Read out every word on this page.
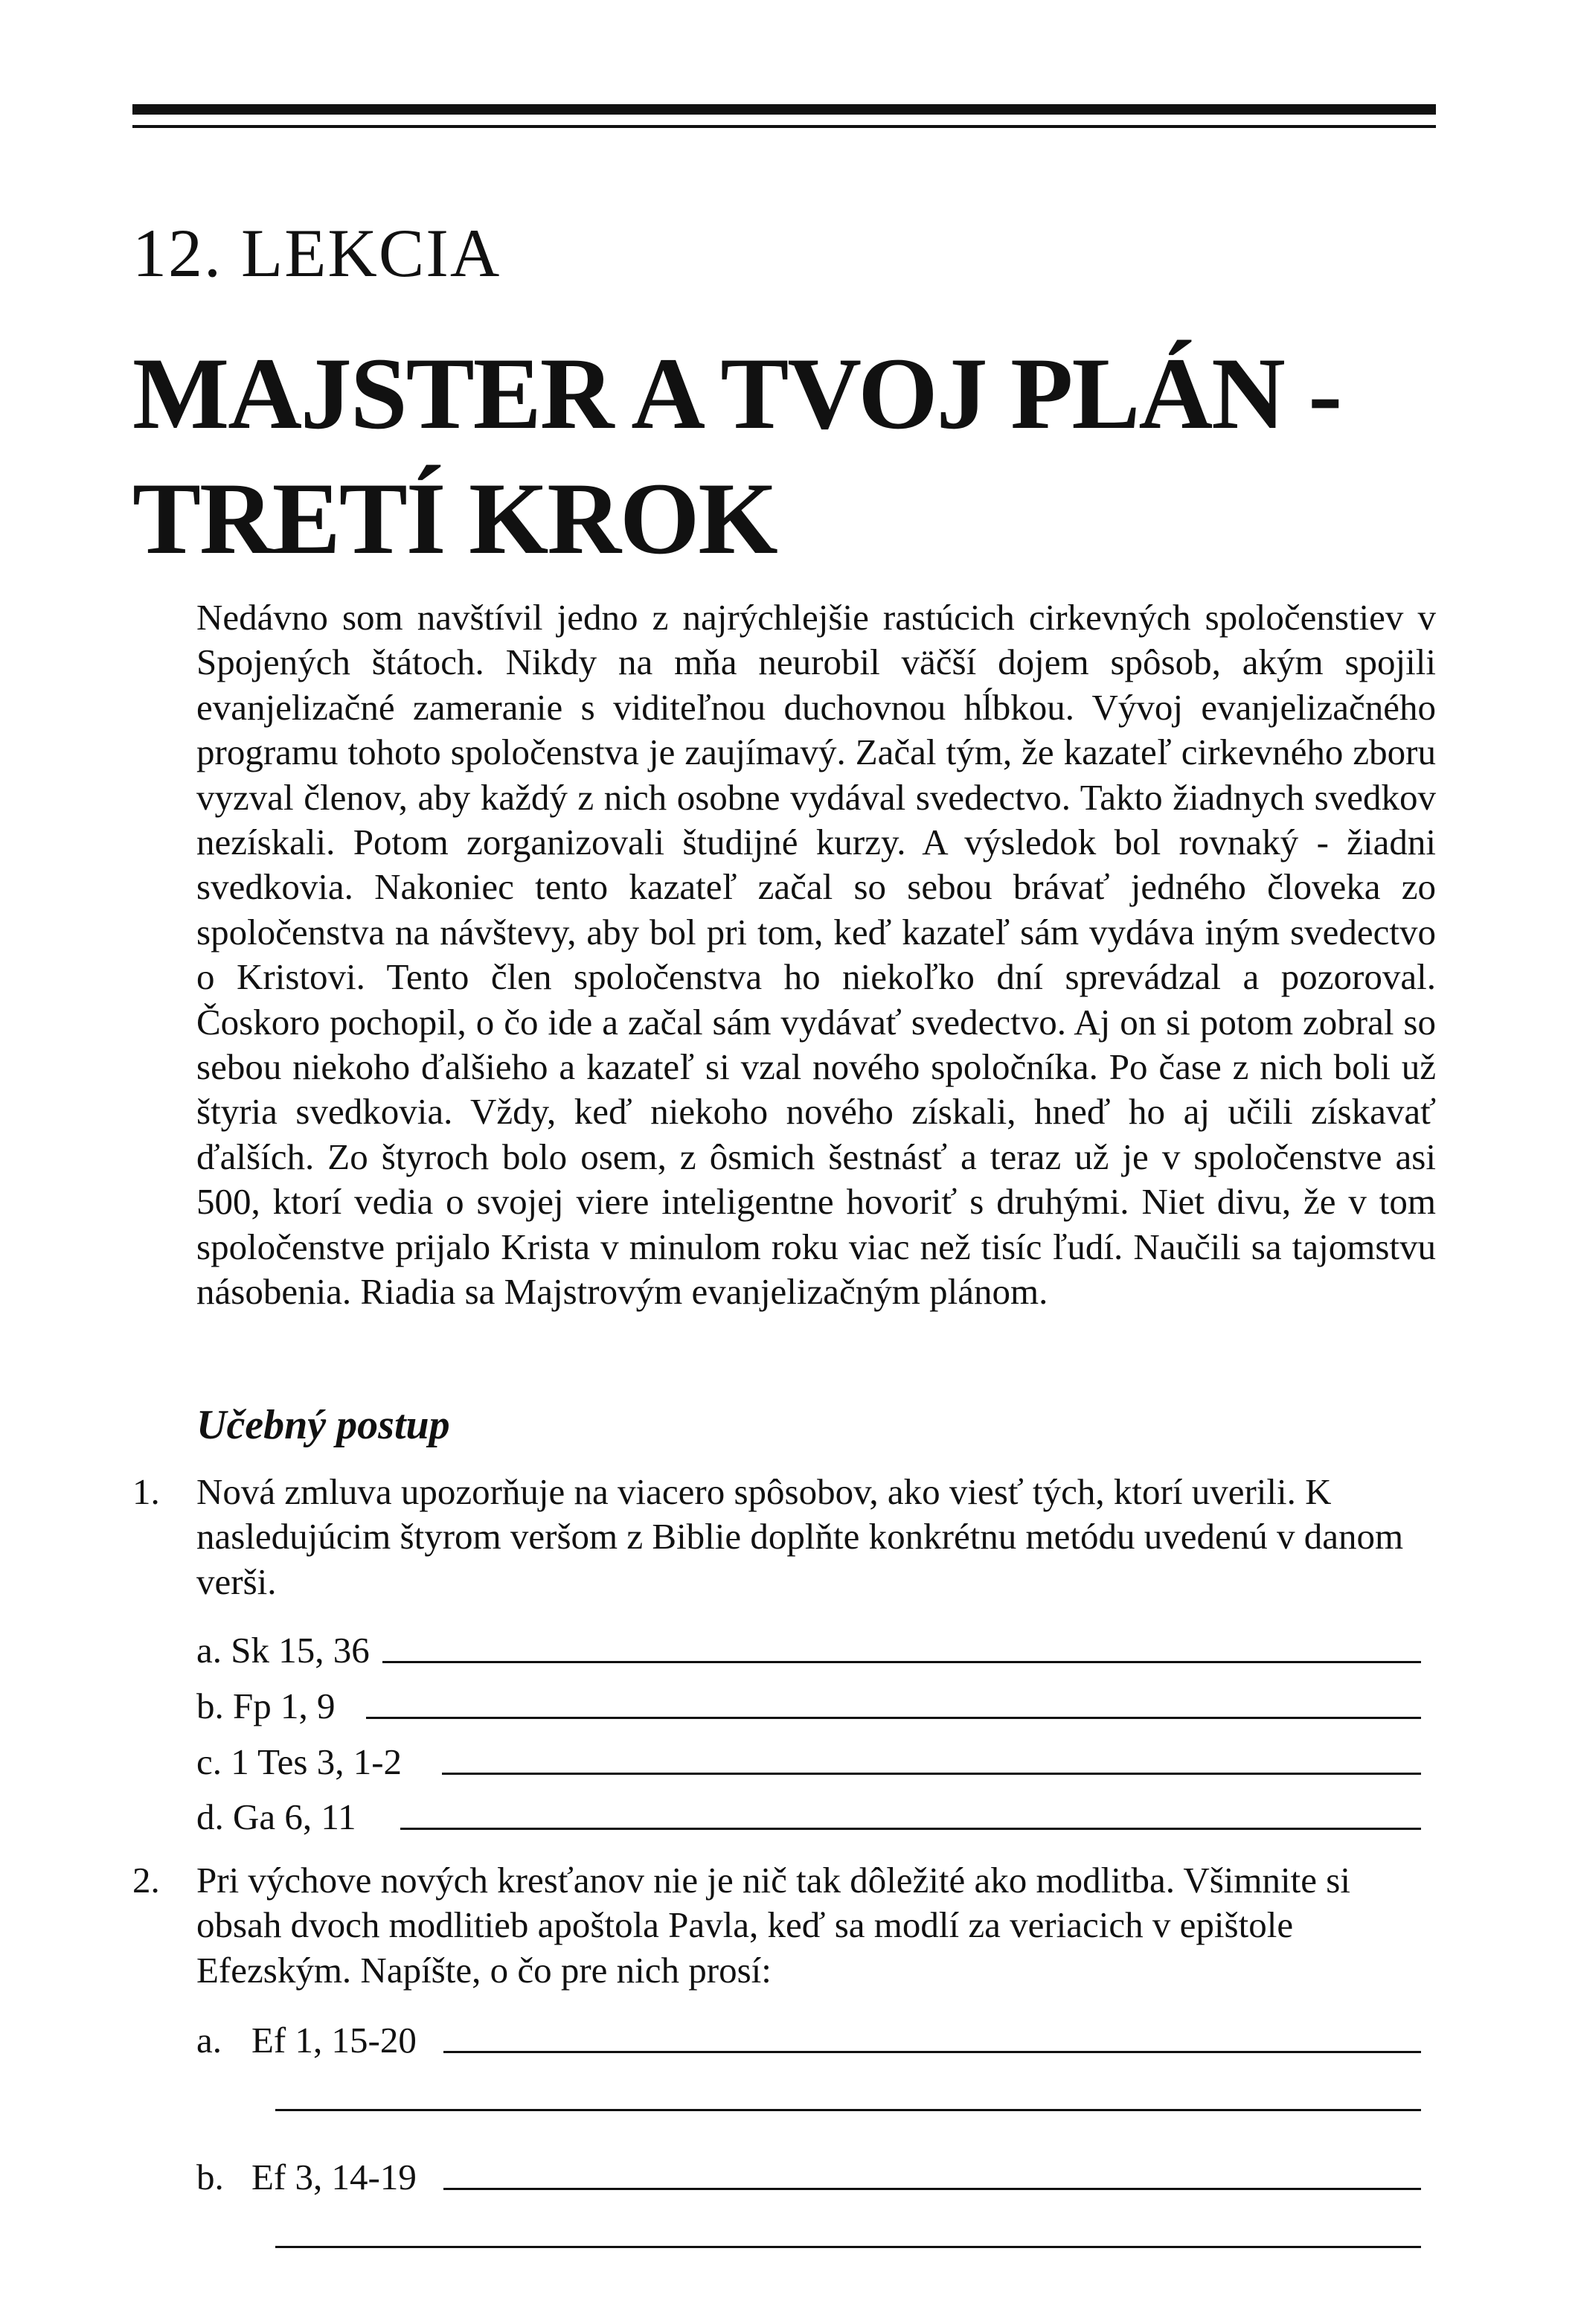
12. LEKCIA
MAJSTER A TVOJ PLÁN -
TRETÍ KROK
Nedávno som navštívil jedno z najrýchlejšie rastúcich cirkevných spoločenstiev v Spojených štátoch. Nikdy na mňa neurobil väčší dojem spôsob, akým spojili evanjelizačné zameranie s viditeľnou duchovnou hĺbkou. Vývoj evanjelizačného programu tohoto spoločenstva je zaujímavý. Začal tým, že kazateľ cirkevného zboru vyzval členov, aby každý z nich osobne vydával svedectvo. Takto žiadnych svedkov nezískali. Potom zorganizovali študijné kurzy. A výsledok bol rovnaký - žiadni svedkovia. Nakoniec tento kazateľ začal so sebou brávať jedného človeka zo spoločenstva na návštevy, aby bol pri tom, keď kazateľ sám vydáva iným svedectvo o Kristovi. Tento člen spoločenstva ho niekoľko dní sprevádzal a pozoroval. Čoskoro pochopil, o čo ide a začal sám vydávať svedectvo. Aj on si potom zobral so sebou niekoho ďalšieho a kazateľ si vzal nového spoločníka. Po čase z nich boli už štyria svedkovia. Vždy, keď niekoho nového získali, hneď ho aj učili získavať ďalších. Zo štyroch bolo osem, z ôsmich šestnásť a teraz už je v spoločenstve asi 500, ktorí vedia o svojej viere inteligentne hovoriť s druhými. Niet divu, že v tom spoločenstve prijalo Krista v minulom roku viac než tisíc ľudí. Naučili sa tajomstvu násobenia. Riadia sa Majstrovým evanjelizačným plánom.
Učebný postup
1. Nová zmluva upozorňuje na viacero spôsobov, ako viesť tých, ktorí uverili. K nasledujúcim štyrom veršom z Biblie doplňte konkrétnu metódu uvedenú v danom verši.
a. Sk 15, 36
b. Fp 1, 9
c. 1 Tes 3, 1-2
d. Ga 6, 11
2. Pri výchove nových kresťanov nie je nič tak dôležité ako modlitba. Všimnite si obsah dvoch modlitieb apoštola Pavla, keď sa modlí za veriacich v epištole Efezským. Napíšte, o čo pre nich prosí:
a. Ef 1, 15-20
b. Ef 3, 14-19
